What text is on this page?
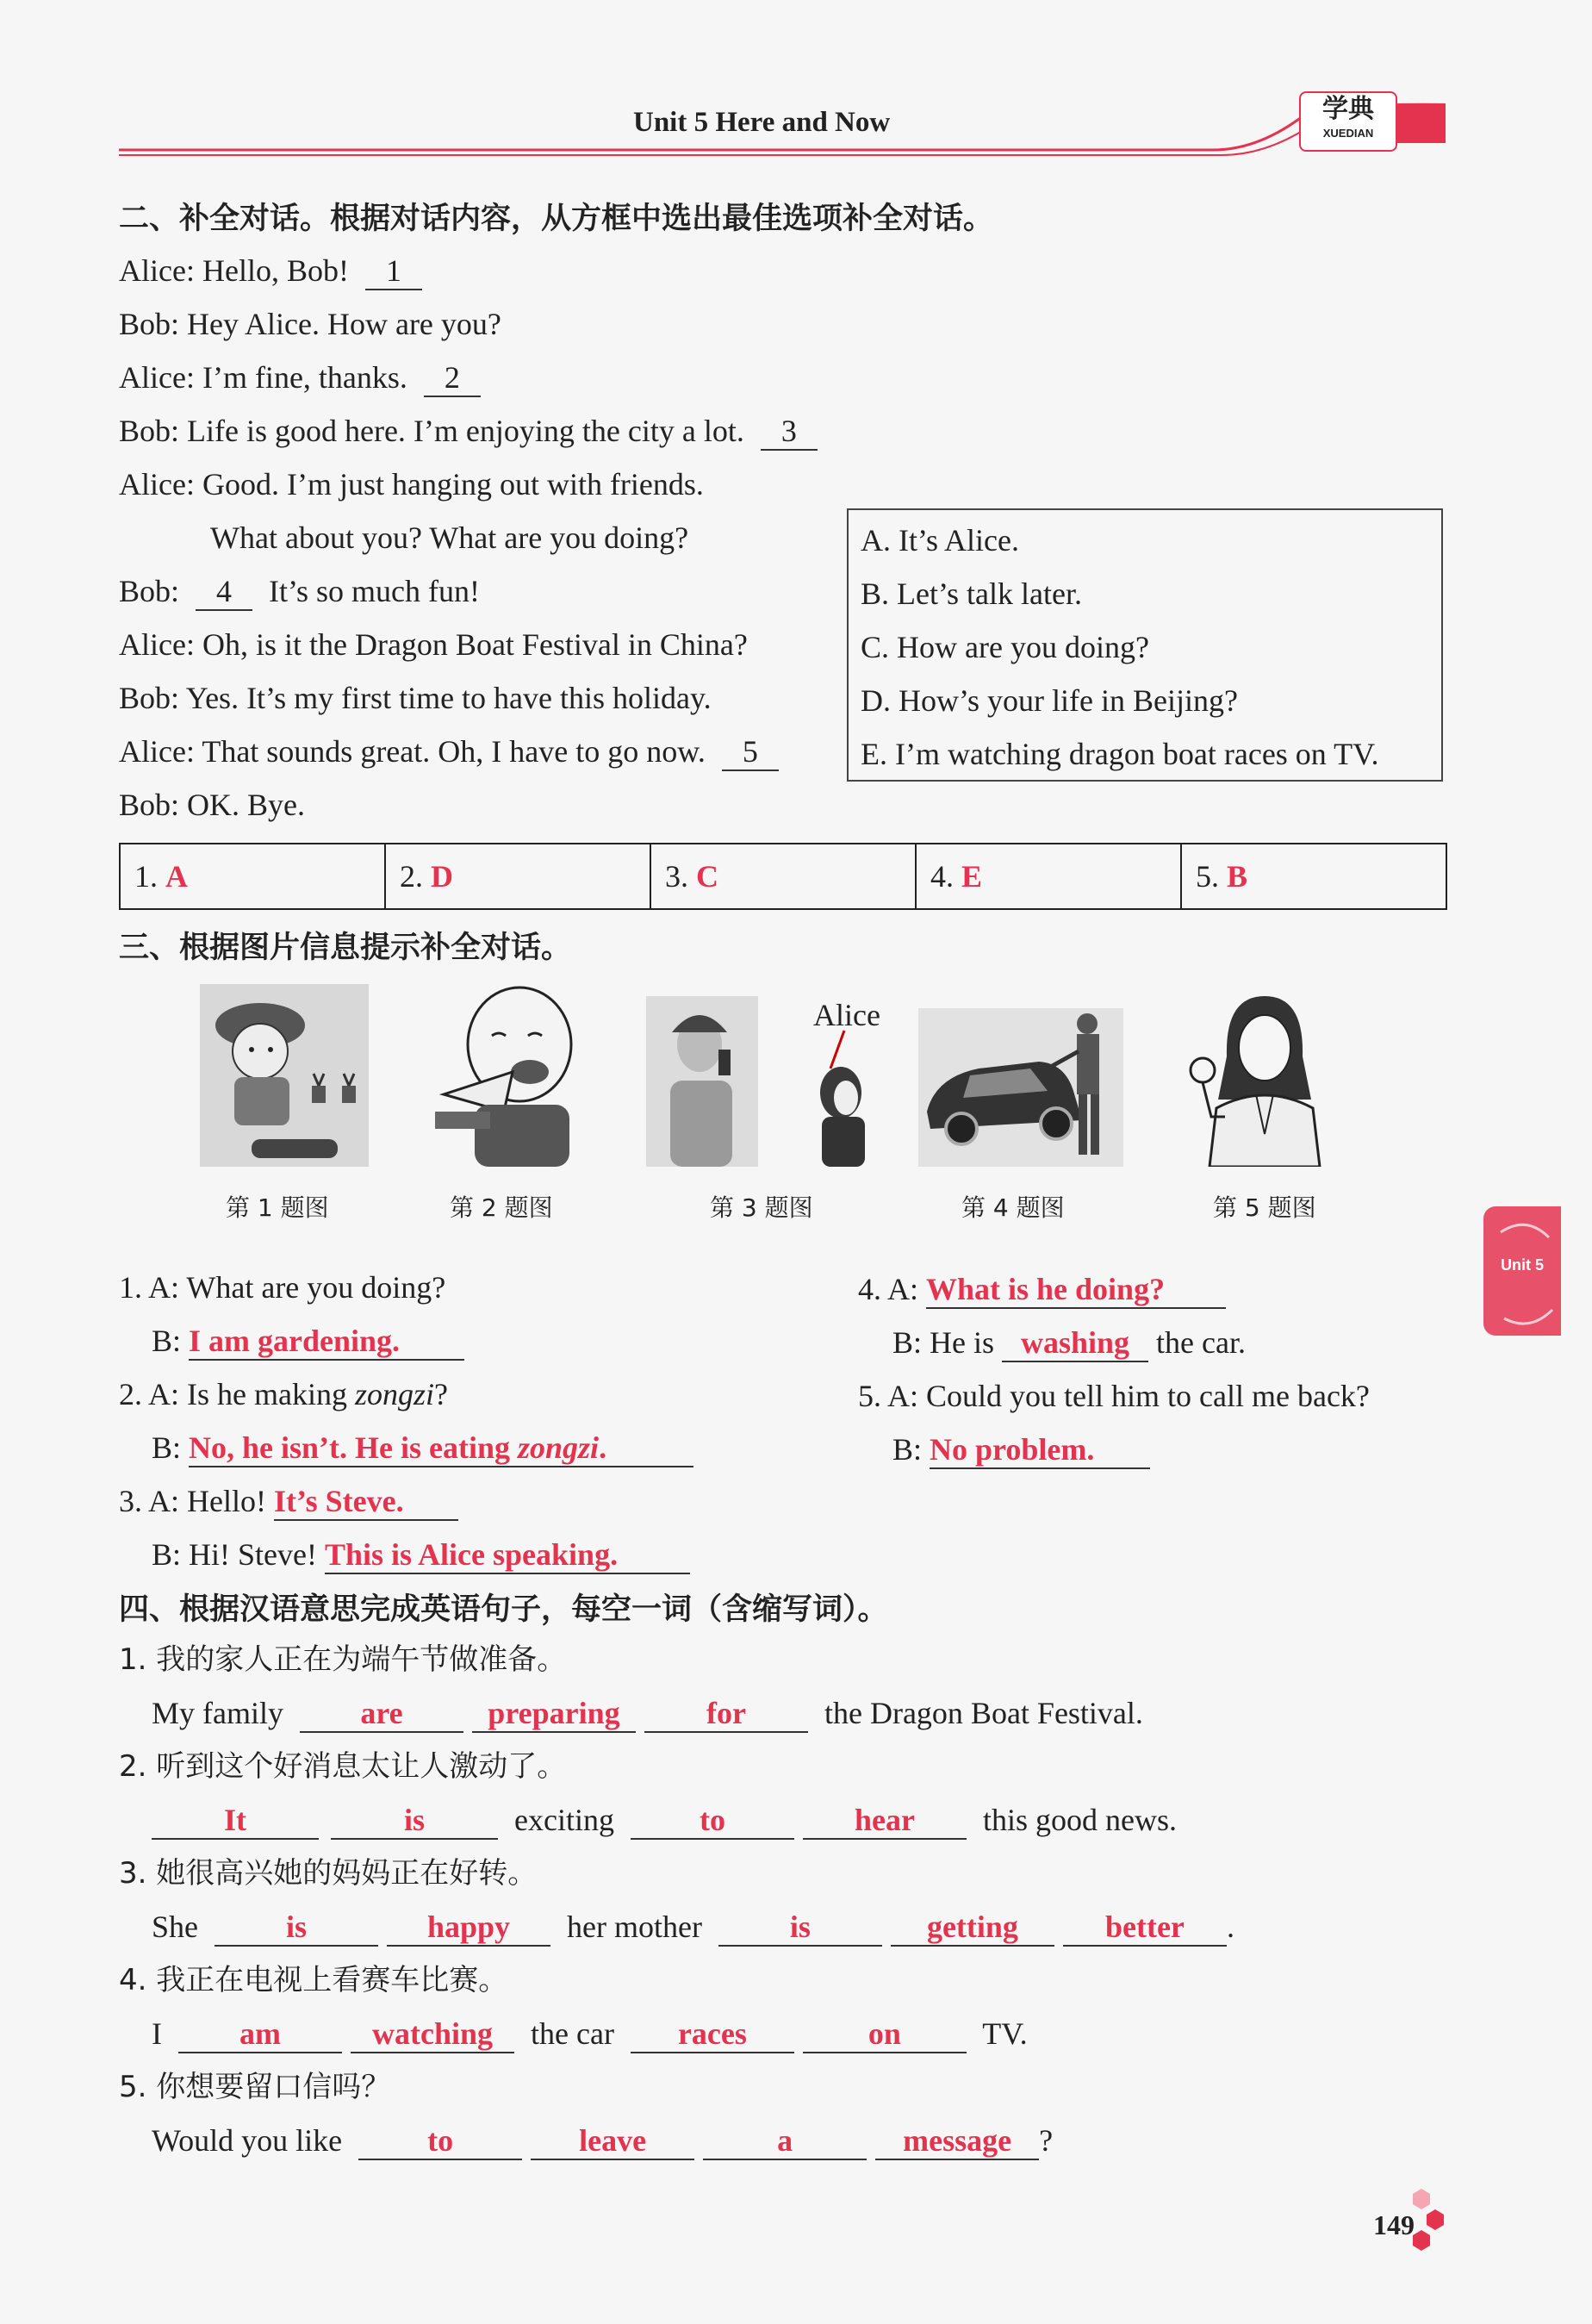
Unit 5 Here and Now	学典
XUEDIAN
二、补全对话。根据对话内容，从方框中选出最佳选项补全对话。
Alice: Hello, Bob! 1
Bob: Hey Alice. How are you?
Alice: I’m fine, thanks. 2
Bob: Life is good here. I’m enjoying the city a lot. 3
Alice: Good. I’m just hanging out with friends.
What about you? What are you doing?
Bob: 4 It’s so much fun!
Alice: Oh, is it the Dragon Boat Festival in China?
Bob: Yes. It’s my first time to have this holiday.
Alice: That sounds great. Oh, I have to go now. 5
Bob: OK. Bye.
A. It’s Alice.
B. Let’s talk later.
C. How are you doing?
D. How’s your life in Beijing?
E. I’m watching dragon boat races on TV.
1. A	2. D	3. C	4. E	5. B
三、根据图片信息提示补全对话。
Alice
第 1 题图	第 2 题图	第 3 题图	第 4 题图	第 5 题图
1. A: What are you doing?
B: I am gardening.
2. A: Is he making zongzi?
B: No, he isn’t. He is eating zongzi.
3. A: Hello! It’s Steve.
B: Hi! Steve! This is Alice speaking.
4. A: What is he doing?
B: He is washing the car.
5. A: Could you tell him to call me back?
B: No problem.
四、根据汉语意思完成英语句子，每空一词（含缩写词）。
1. 我的家人正在为端午节做准备。
My family are	preparing	for	the Dragon Boat Festival.
2. 听到这个好消息太让人激动了。
It	is	exciting	to	hear this good news.
3. 她很高兴她的妈妈正在好转。
She	is	happy her mother	is	getting	better .
4. 我正在电视上看赛车比赛。
I	am	watching the car races	on	TV.
5. 你想要留口信吗？
Would you like	to	leave	a	message ?
Unit 5
149
